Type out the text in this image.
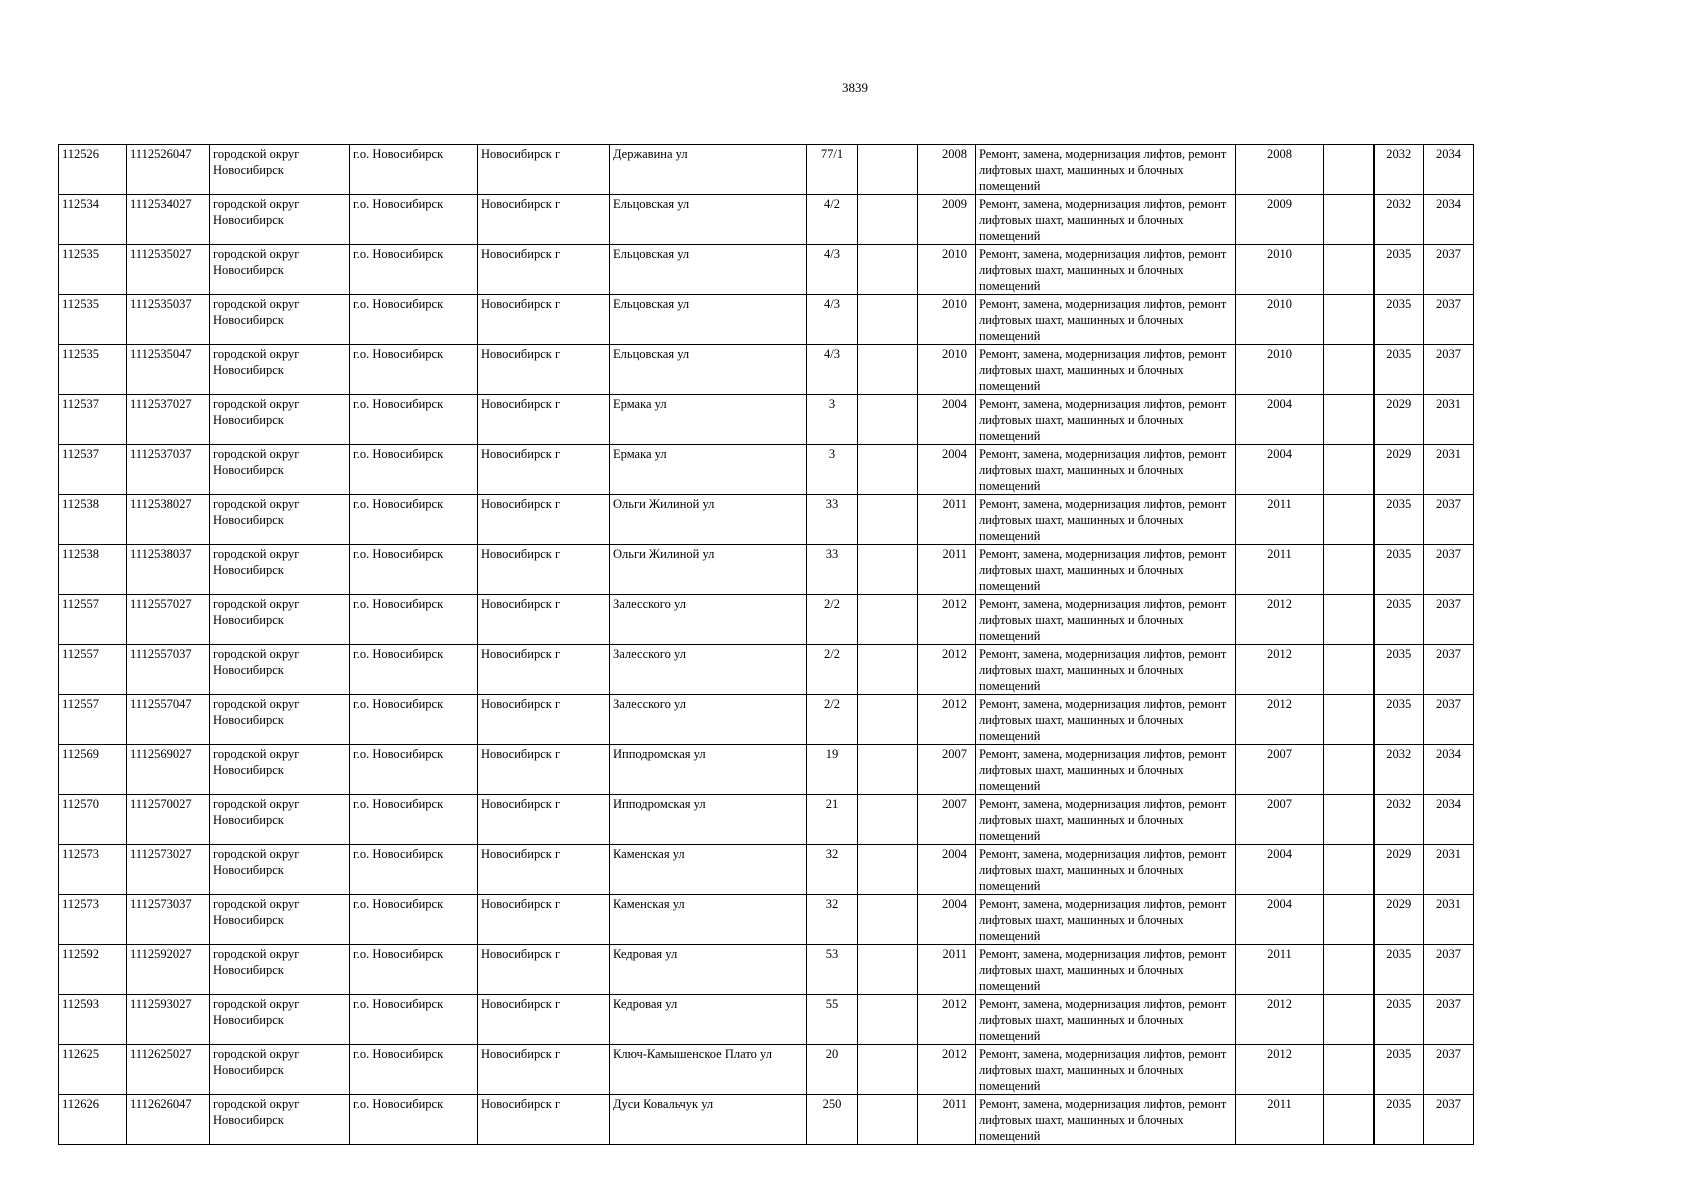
3839
112526	1112526047	городской округ Новосибирск	г.о. Новосибирск	Новосибирск г	Державина ул	77/1		2008	Ремонт, замена, модернизация лифтов, ремонт лифтовых шахт, машинных и блочных помещений	2008		2032	2034
112534	1112534027	городской округ Новосибирск	г.о. Новосибирск	Новосибирск г	Ельцовская ул	4/2		2009	Ремонт, замена, модернизация лифтов, ремонт лифтовых шахт, машинных и блочных помещений	2009		2032	2034
112535	1112535027	городской округ Новосибирск	г.о. Новосибирск	Новосибирск г	Ельцовская ул	4/3		2010	Ремонт, замена, модернизация лифтов, ремонт лифтовых шахт, машинных и блочных помещений	2010		2035	2037
112535	1112535037	городской округ Новосибирск	г.о. Новосибирск	Новосибирск г	Ельцовская ул	4/3		2010	Ремонт, замена, модернизация лифтов, ремонт лифтовых шахт, машинных и блочных помещений	2010		2035	2037
112535	1112535047	городской округ Новосибирск	г.о. Новосибирск	Новосибирск г	Ельцовская ул	4/3		2010	Ремонт, замена, модернизация лифтов, ремонт лифтовых шахт, машинных и блочных помещений	2010		2035	2037
112537	1112537027	городской округ Новосибирск	г.о. Новосибирск	Новосибирск г	Ермака ул	3		2004	Ремонт, замена, модернизация лифтов, ремонт лифтовых шахт, машинных и блочных помещений	2004		2029	2031
112537	1112537037	городской округ Новосибирск	г.о. Новосибирск	Новосибирск г	Ермака ул	3		2004	Ремонт, замена, модернизация лифтов, ремонт лифтовых шахт, машинных и блочных помещений	2004		2029	2031
112538	1112538027	городской округ Новосибирск	г.о. Новосибирск	Новосибирск г	Ольги Жилиной ул	33		2011	Ремонт, замена, модернизация лифтов, ремонт лифтовых шахт, машинных и блочных помещений	2011		2035	2037
112538	1112538037	городской округ Новосибирск	г.о. Новосибирск	Новосибирск г	Ольги Жилиной ул	33		2011	Ремонт, замена, модернизация лифтов, ремонт лифтовых шахт, машинных и блочных помещений	2011		2035	2037
112557	1112557027	городской округ Новосибирск	г.о. Новосибирск	Новосибирск г	Залесского ул	2/2		2012	Ремонт, замена, модернизация лифтов, ремонт лифтовых шахт, машинных и блочных помещений	2012		2035	2037
112557	1112557037	городской округ Новосибирск	г.о. Новосибирск	Новосибирск г	Залесского ул	2/2		2012	Ремонт, замена, модернизация лифтов, ремонт лифтовых шахт, машинных и блочных помещений	2012		2035	2037
112557	1112557047	городской округ Новосибирск	г.о. Новосибирск	Новосибирск г	Залесского ул	2/2		2012	Ремонт, замена, модернизация лифтов, ремонт лифтовых шахт, машинных и блочных помещений	2012		2035	2037
112569	1112569027	городской округ Новосибирск	г.о. Новосибирск	Новосибирск г	Ипподромская ул	19		2007	Ремонт, замена, модернизация лифтов, ремонт лифтовых шахт, машинных и блочных помещений	2007		2032	2034
112570	1112570027	городской округ Новосибирск	г.о. Новосибирск	Новосибирск г	Ипподромская ул	21		2007	Ремонт, замена, модернизация лифтов, ремонт лифтовых шахт, машинных и блочных помещений	2007		2032	2034
112573	1112573027	городской округ Новосибирск	г.о. Новосибирск	Новосибирск г	Каменская ул	32		2004	Ремонт, замена, модернизация лифтов, ремонт лифтовых шахт, машинных и блочных помещений	2004		2029	2031
112573	1112573037	городской округ Новосибирск	г.о. Новосибирск	Новосибирск г	Каменская ул	32		2004	Ремонт, замена, модернизация лифтов, ремонт лифтовых шахт, машинных и блочных помещений	2004		2029	2031
112592	1112592027	городской округ Новосибирск	г.о. Новосибирск	Новосибирск г	Кедровая ул	53		2011	Ремонт, замена, модернизация лифтов, ремонт лифтовых шахт, машинных и блочных помещений	2011		2035	2037
112593	1112593027	городской округ Новосибирск	г.о. Новосибирск	Новосибирск г	Кедровая ул	55		2012	Ремонт, замена, модернизация лифтов, ремонт лифтовых шахт, машинных и блочных помещений	2012		2035	2037
112625	1112625027	городской округ Новосибирск	г.о. Новосибирск	Новосибирск г	Ключ-Камышенское Плато ул	20		2012	Ремонт, замена, модернизация лифтов, ремонт лифтовых шахт, машинных и блочных помещений	2012		2035	2037
112626	1112626047	городской округ Новосибирск	г.о. Новосибирск	Новосибирск г	Дуси Ковальчук ул	250		2011	Ремонт, замена, модернизация лифтов, ремонт лифтовых шахт, машинных и блочных помещений	2011		2035	2037
